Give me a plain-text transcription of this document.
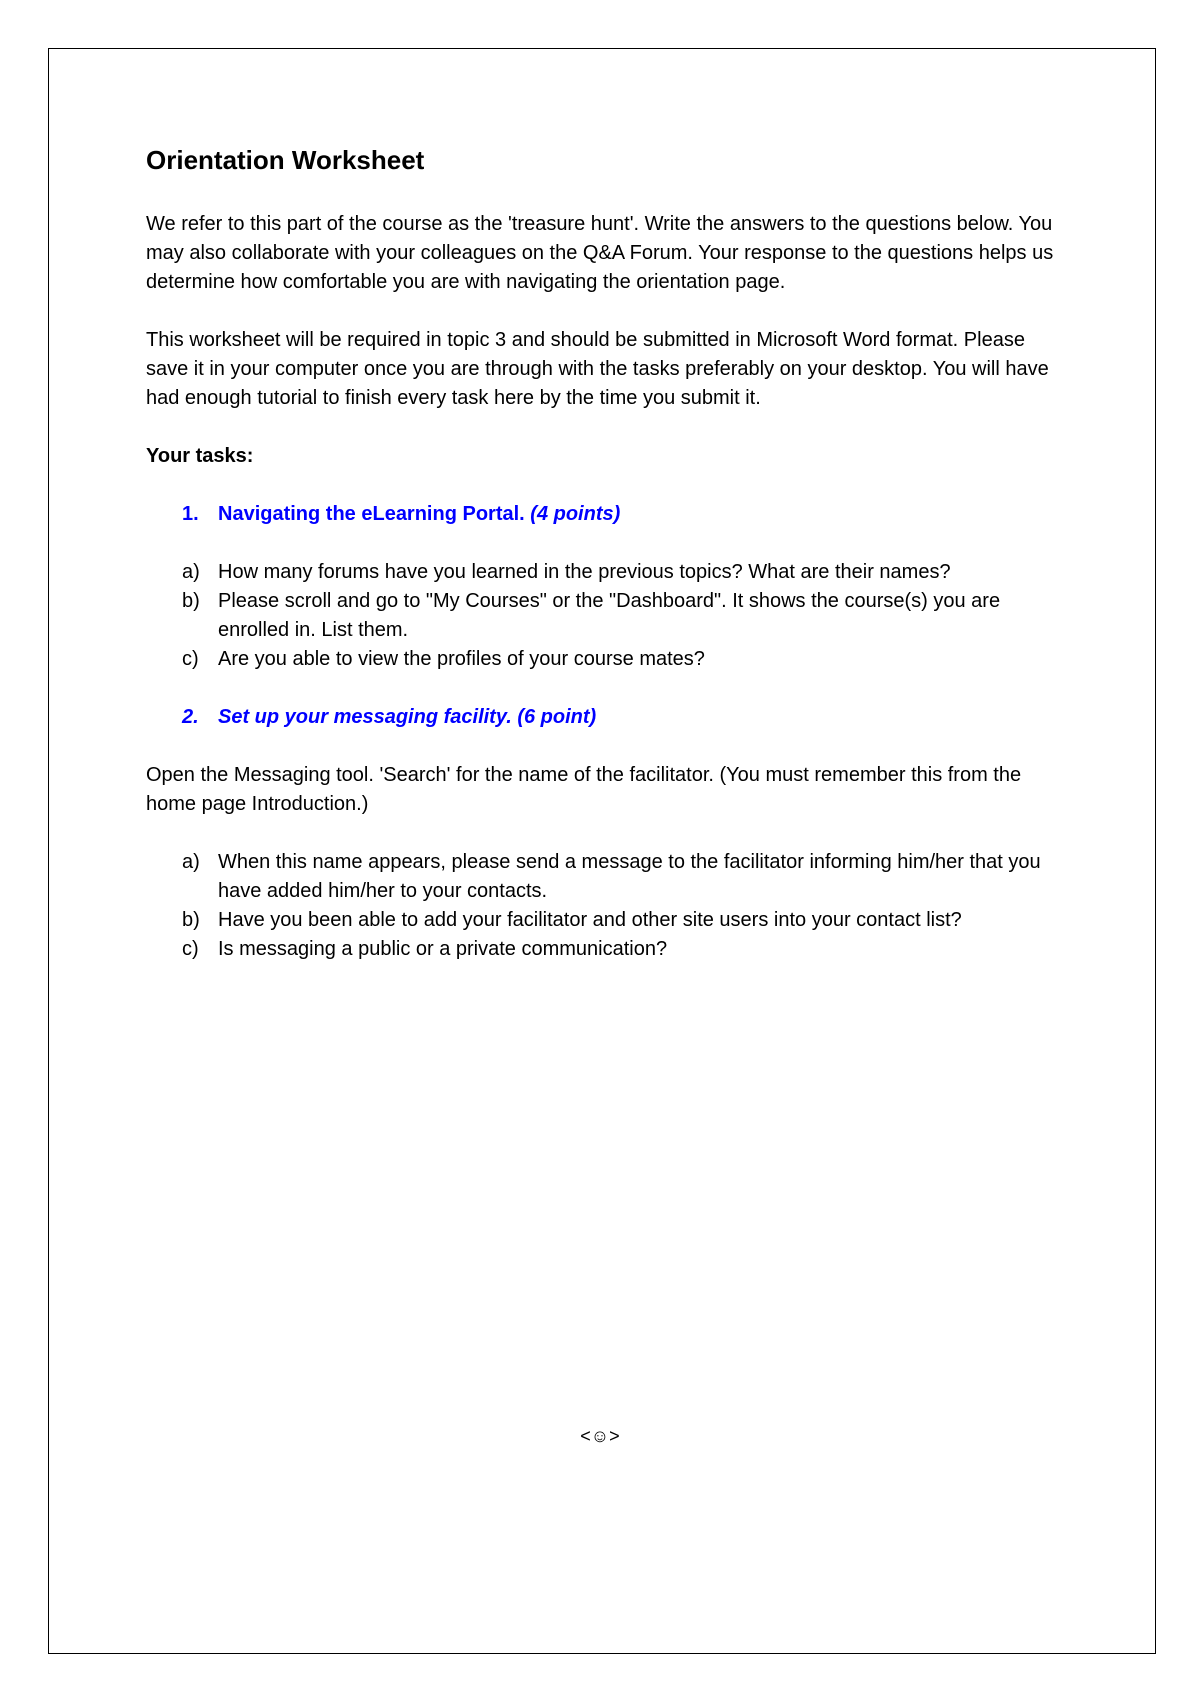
Orientation Worksheet

We refer to this part of the course as the 'treasure hunt'. Write the answers to the questions below. You may also collaborate with your colleagues on the Q&A Forum. Your response to the questions helps us determine how comfortable you are with navigating the orientation page.

This worksheet will be required in topic 3 and should be submitted in Microsoft Word format. Please save it in your computer once you are through with the tasks preferably on your desktop. You will have had enough tutorial to finish every task here by the time you submit it.

Your tasks:
1. Navigating the eLearning Portal. (4 points)
a) How many forums have you learned in the previous topics? What are their names?
b) Please scroll and go to "My Courses" or the "Dashboard". It shows the course(s) you are enrolled in. List them.
c) Are you able to view the profiles of your course mates?
2. Set up your messaging facility. (6 point)

Open the Messaging tool. 'Search' for the name of the facilitator. (You must remember this from the home page Introduction.)

a) When this name appears, please send a message to the facilitator informing him/her that you have added him/her to your contacts.
b) Have you been able to add your facilitator and other site users into your contact list?
c) Is messaging a public or a private communication?
<☺>
